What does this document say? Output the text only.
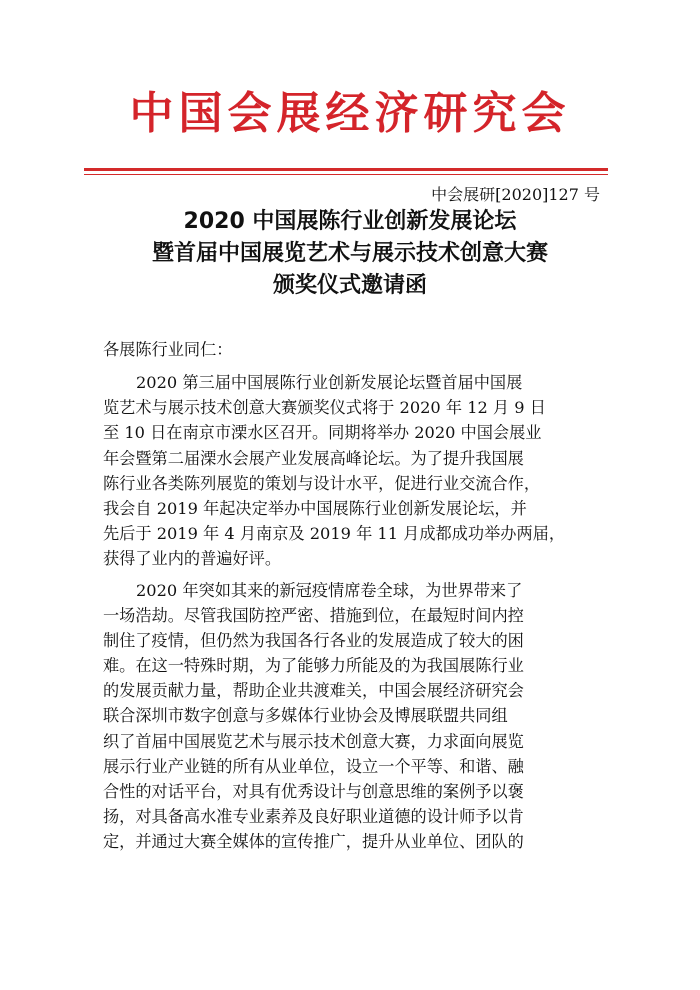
中国会展经济研究会
中会展研[2020]127 号
2020 中国展陈行业创新发展论坛
暨首届中国展览艺术与展示技术创意大赛
颁奖仪式邀请函
各展陈行业同仁：
2020 第三届中国展陈行业创新发展论坛暨首届中国展
览艺术与展示技术创意大赛颁奖仪式将于 2020 年 12 月 9 日
至 10 日在南京市溧水区召开。同期将举办 2020 中国会展业
年会暨第二届溧水会展产业发展高峰论坛。为了提升我国展
陈行业各类陈列展览的策划与设计水平，促进行业交流合作，
我会自 2019 年起决定举办中国展陈行业创新发展论坛，并
先后于 2019 年 4 月南京及 2019 年 11 月成都成功举办两届，
获得了业内的普遍好评。
2020 年突如其来的新冠疫情席卷全球，为世界带来了
一场浩劫。尽管我国防控严密、措施到位，在最短时间内控
制住了疫情，但仍然为我国各行各业的发展造成了较大的困
难。在这一特殊时期，为了能够力所能及的为我国展陈行业
的发展贡献力量，帮助企业共渡难关，中国会展经济研究会
联合深圳市数字创意与多媒体行业协会及博展联盟共同组
织了首届中国展览艺术与展示技术创意大赛，力求面向展览
展示行业产业链的所有从业单位，设立一个平等、和谐、融
合性的对话平台，对具有优秀设计与创意思维的案例予以褒
扬，对具备高水准专业素养及良好职业道德的设计师予以肯
定，并通过大赛全媒体的宣传推广，提升从业单位、团队的
